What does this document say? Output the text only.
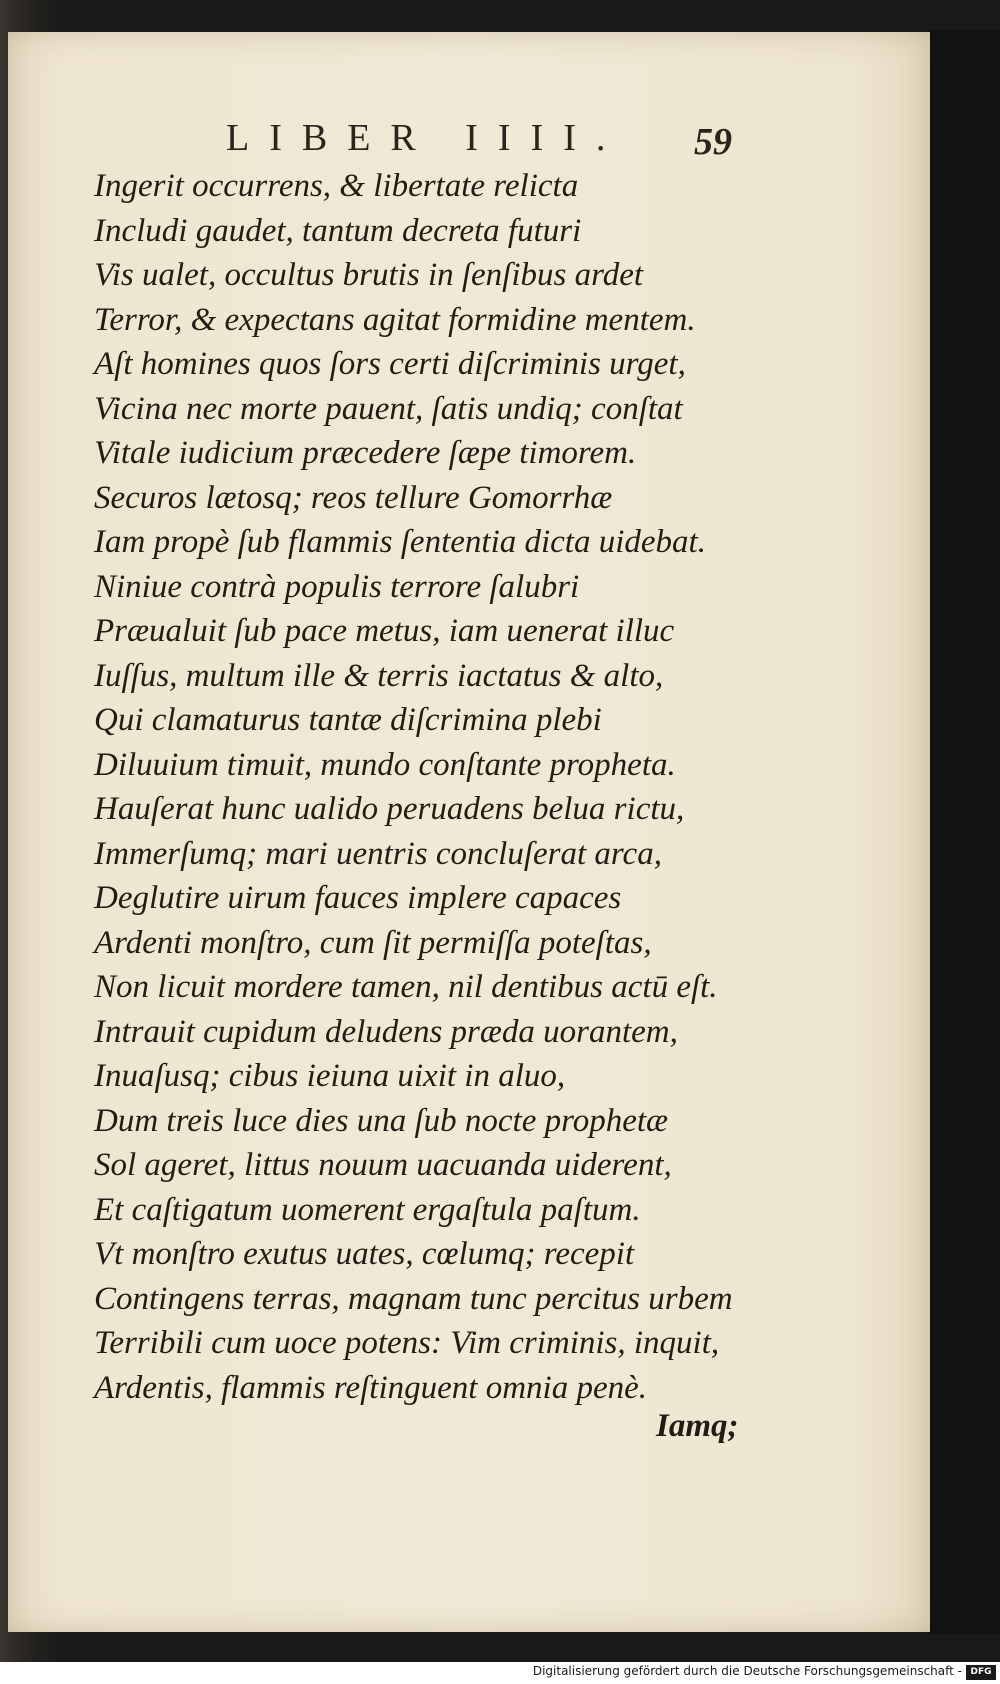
LIBER IIII. 59
Ingerit occurrens, & libertate relicta
Includi gaudet, tantum decreta futuri
Vis ualet, occultus brutis in ſenſibus ardet
Terror, & expectans agitat formidine mentem.
Aſt homines quos ſors certi diſcriminis urget,
Vicina nec morte pauent, ſatis undiq; conſtat
Vitale iudicium præcedere ſæpe timorem.
Securos lætosq; reos tellure Gomorrhæ
Iam propè ſub flammis ſententia dicta uidebat.
Niniue contrà populis terrore ſalubri
Præualuit ſub pace metus, iam uenerat illuc
Iuſſus, multum ille & terris iactatus & alto,
Qui clamaturus tantæ diſcrimina plebi
Diluuium timuit, mundo conſtante propheta.
Hauſerat hunc ualido peruadens belua rictu,
Immerſumq; mari uentris concluſerat arca,
Deglutire uirum fauces implere capaces
Ardenti monſtro, cum ſit permiſſa poteſtas,
Non licuit mordere tamen, nil dentibus actū eſt.
Intrauit cupidum deludens præda uorantem,
Inuaſusq; cibus ieiuna uixit in aluo,
Dum treis luce dies una ſub nocte prophetæ
Sol ageret, littus nouum uacuanda uiderent,
Et caſtigatum uomerent ergaſtula paſtum.
Vt monſtro exutus uates, cœlumq; recepit
Contingens terras, magnam tunc percitus urbem
Terribili cum uoce potens: Vim criminis, inquit,
Ardentis, flammis reſtinguent omnia penè.
Iamq;
Digitalisierung gefördert durch die Deutsche Forschungsgemeinschaft - DFG
